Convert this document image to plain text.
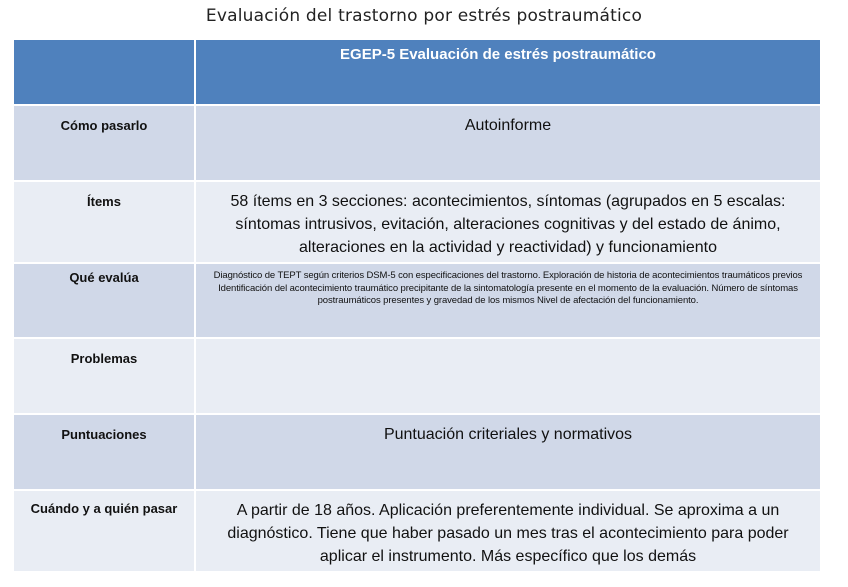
Evaluación del trastorno por estrés postraumático

	EGEP-5 Evaluación de estrés postraumático

Cómo pasarlo	Autoinforme

Ítems	58 ítems en 3 secciones: acontecimientos, síntomas (agrupados en 5 escalas: síntomas intrusivos, evitación, alteraciones cognitivas y del estado de ánimo, alteraciones en la actividad y reactividad) y funcionamiento

Qué evalúa	Diagnóstico de TEPT según criterios DSM-5 con especificaciones del trastorno. Exploración de historia de acontecimientos traumáticos previos Identificación del acontecimiento traumático precipitante de la sintomatología presente en el momento de la evaluación. Número de síntomas postraumáticos presentes y gravedad de los mismos Nivel de afectación del funcionamiento.

Problemas	

Puntuaciones	Puntuación criteriales y normativos

Cuándo y a quién pasar	A partir de 18 años. Aplicación preferentemente individual. Se aproxima a un diagnóstico. Tiene que haber pasado un mes tras el acontecimiento para poder aplicar el instrumento. Más específico que los demás
